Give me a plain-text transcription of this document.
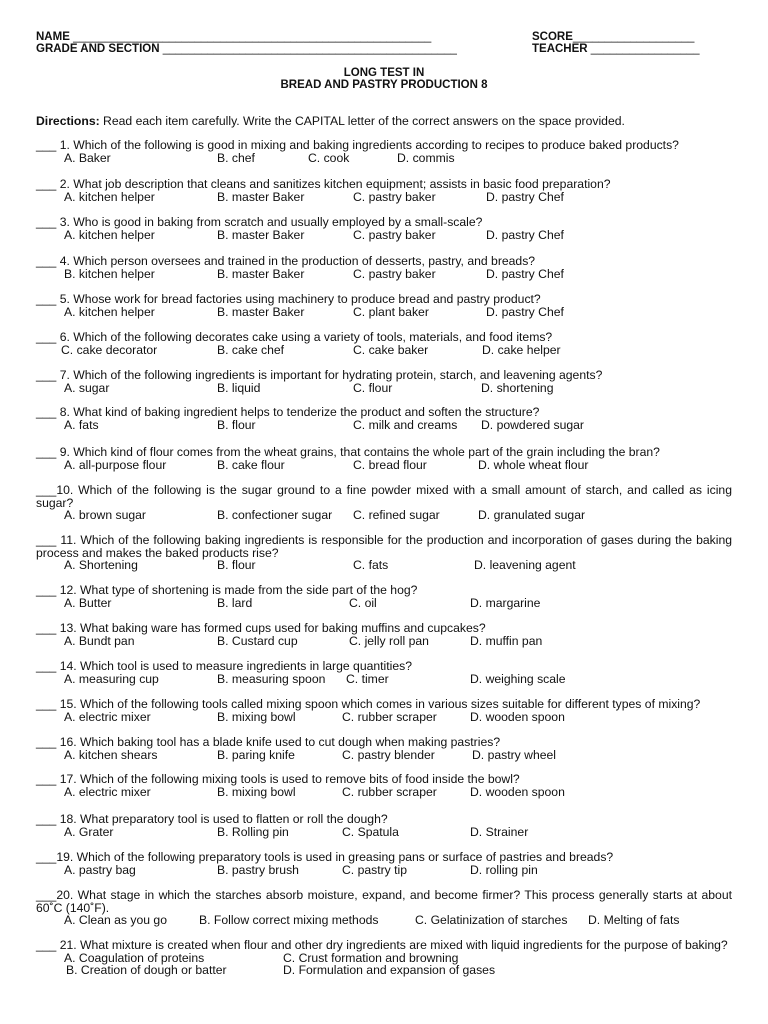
NAME ________________________________________________________	SCORE___________________
GRADE AND SECTION ______________________________________________	TEACHER _________________
LONG TEST IN
BREAD AND PASTRY PRODUCTION 8
Directions: Read each item carefully. Write the CAPITAL letter of the correct answers on the space provided.
___ 1. Which of the following is good in mixing and baking ingredients according to recipes to produce baked products?
A. Baker	B. chef	C. cook	D. commis
___ 2. What job description that cleans and sanitizes kitchen equipment; assists in basic food preparation?
A. kitchen helper	B. master Baker	C. pastry baker	D. pastry Chef
___ 3. Who is good in baking from scratch and usually employed by a small-scale?
A. kitchen helper	B. master Baker	C. pastry baker	D. pastry Chef
___ 4. Which person oversees and trained in the production of desserts, pastry, and breads?
B. kitchen helper	B. master Baker	C. pastry baker	D. pastry Chef
___ 5. Whose work for bread factories using machinery to produce bread and pastry product?
A. kitchen helper	B. master Baker	C. plant baker	D. pastry Chef
___ 6. Which of the following decorates cake using a variety of tools, materials, and food items?
C. cake decorator	B. cake chef	C. cake baker	D. cake helper
___ 7. Which of the following ingredients is important for hydrating protein, starch, and leavening agents?
A. sugar	B. liquid	C. flour	D. shortening
___ 8. What kind of baking ingredient helps to tenderize the product and soften the structure?
A. fats	B. flour	C. milk and creams D. powdered sugar
___ 9. Which kind of flour comes from the wheat grains, that contains the whole part of the grain including the bran?
A. all-purpose flour	B. cake flour	C. bread flour	D. whole wheat flour
___10. Which of the following is the sugar ground to a fine powder mixed with a small amount of starch, and called as icing sugar?
A. brown sugar	B. confectioner sugar C. refined sugar	D. granulated sugar
___ 11. Which of the following baking ingredients is responsible for the production and incorporation of gases during the baking process and makes the baked products rise?
A. Shortening	B. flour	C. fats	D. leavening agent
___ 12. What type of shortening is made from the side part of the hog?
A. Butter	B. lard	C. oil	D. margarine
___ 13. What baking ware has formed cups used for baking muffins and cupcakes?
A. Bundt pan	B. Custard cup	C. jelly roll pan	D. muffin pan
___ 14. Which tool is used to measure ingredients in large quantities?
A. measuring cup	B. measuring spoon C. timer	D. weighing scale
___ 15. Which of the following tools called mixing spoon which comes in various sizes suitable for different types of mixing?
A. electric mixer	B. mixing bowl	C. rubber scraper	D. wooden spoon
___ 16. Which baking tool has a blade knife used to cut dough when making pastries?
A. kitchen shears	B. paring knife	C. pastry blender	D. pastry wheel
___ 17. Which of the following mixing tools is used to remove bits of food inside the bowl?
A. electric mixer	B. mixing bowl	C. rubber scraper	D. wooden spoon
___ 18. What preparatory tool is used to flatten or roll the dough?
A. Grater	B. Rolling pin	C. Spatula	D. Strainer
___19. Which of the following preparatory tools is used in greasing pans or surface of pastries and breads?
A. pastry bag	B. pastry brush	C. pastry tip	D. rolling pin
___20. What stage in which the starches absorb moisture, expand, and become firmer? This process generally starts at about 60˚C (140˚F).
A. Clean as you go	B. Follow correct mixing methods	C. Gelatinization of starches D. Melting of fats
___ 21. What mixture is created when flour and other dry ingredients are mixed with liquid ingredients for the purpose of baking?
A. Coagulation of proteins	C. Crust formation and browning
B. Creation of dough or batter	D. Formulation and expansion of gases
